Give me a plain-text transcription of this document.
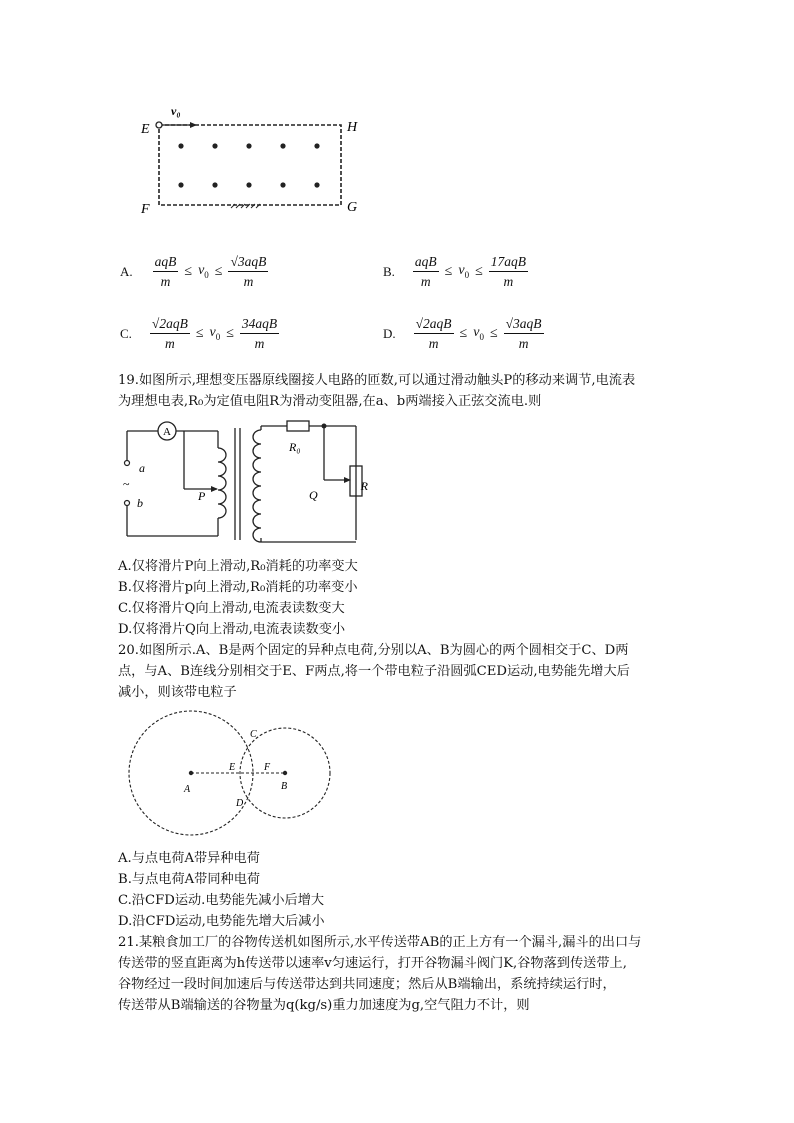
v₀
E	H
F	G
A. $\frac{\text{aqB}}{m} \le v_0 \le \frac{\text{√3aqB}}{m}$	B. $\frac{\text{aqB}}{m} \le v_0 \le \frac{\text{17aqB}}{m}$
C. $\frac{\text{√2aqB}}{m} \le v_0 \le \frac{\text{34aqB}}{m}$	D. $\frac{\text{√2aqB}}{m} \le v_0 \le \frac{\text{√3aqB}}{m}$
19.如图所示,理想变压器原线圈接人电路的匝数,可以通过滑动触头P的移动来调节,电流表
为理想电表,R₀为定值电阻R为滑动变阻器,在a、b两端接入正弦交流电.则
A
a
~
b	P
R₀
Q
R
A.仅将滑片P向上滑动,R₀消耗的功率变大
B.仅将滑片p向上滑动,R₀消耗的功率变小
C.仅将滑片Q向上滑动,电流表读数变大
D.仅将滑片Q向上滑动,电流表读数变小
20.如图所示.A、B是两个固定的异种点电荷,分别以A、B为圆心的两个圆相交于C、D两
点，与A、B连线分别相交于E、F两点,将一个带电粒子沿圆弧CED运动,电势能先增大后
减小，则该带电粒子
A	B
C
D
E	F
A.与点电荷A带异种电荷
B.与点电荷A带同种电荷
C.沿CFD运动.电势能先减小后增大
D.沿CFD运动,电势能先增大后减小
21.某粮食加工厂的谷物传送机如图所示,水平传送带AB的正上方有一个漏斗,漏斗的出口与
传送带的竖直距离为h传送带以速率v匀速运行，打开谷物漏斗阀门K,谷物落到传送带上,
谷物经过一段时间加速后与传送带达到共同速度；然后从B端输出，系统持续运行时，
传送带从B端输送的谷物量为q(kg/s)重力加速度为g,空气阻力不计，则
